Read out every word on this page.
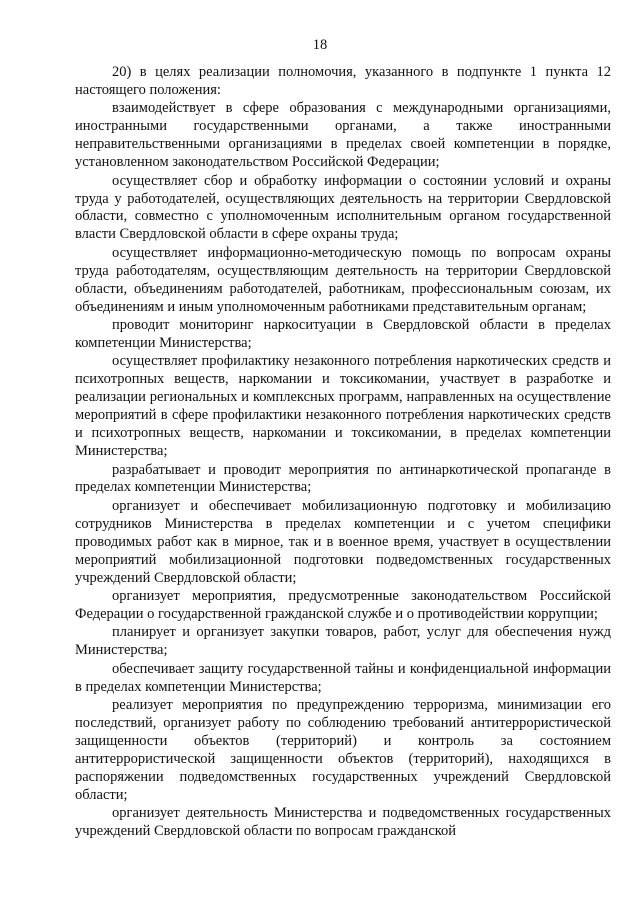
18

20) в целях реализации полномочия, указанного в подпункте 1 пункта 12 настоящего положения:

взаимодействует в сфере образования с международными организациями, иностранными государственными органами, а также иностранными неправительственными организациями в пределах своей компетенции в порядке, установленном законодательством Российской Федерации;

осуществляет сбор и обработку информации о состоянии условий и охраны труда у работодателей, осуществляющих деятельность на территории Свердловской области, совместно с уполномоченным исполнительным органом государственной власти Свердловской области в сфере охраны труда;

осуществляет информационно-методическую помощь по вопросам охраны труда работодателям, осуществляющим деятельность на территории Свердловской области, объединениям работодателей, работникам, профессиональным союзам, их объединениям и иным уполномоченным работниками представительным органам;

проводит мониторинг наркоситуации в Свердловской области в пределах компетенции Министерства;

осуществляет профилактику незаконного потребления наркотических средств и психотропных веществ, наркомании и токсикомании, участвует в разработке и реализации региональных и комплексных программ, направленных на осуществление мероприятий в сфере профилактики незаконного потребления наркотических средств и психотропных веществ, наркомании и токсикомании, в пределах компетенции Министерства;

разрабатывает и проводит мероприятия по антинаркотической пропаганде в пределах компетенции Министерства;

организует и обеспечивает мобилизационную подготовку и мобилизацию сотрудников Министерства в пределах компетенции и с учетом специфики проводимых работ как в мирное, так и в военное время, участвует в осуществлении мероприятий мобилизационной подготовки подведомственных государственных учреждений Свердловской области;

организует мероприятия, предусмотренные законодательством Российской Федерации о государственной гражданской службе и о противодействии коррупции;

планирует и организует закупки товаров, работ, услуг для обеспечения нужд Министерства;

обеспечивает защиту государственной тайны и конфиденциальной информации в пределах компетенции Министерства;

реализует мероприятия по предупреждению терроризма, минимизации его последствий, организует работу по соблюдению требований антитеррористической защищенности объектов (территорий) и контроль за состоянием антитеррористической защищенности объектов (территорий), находящихся в распоряжении подведомственных государственных учреждений Свердловской области;

организует деятельность Министерства и подведомственных государственных учреждений Свердловской области по вопросам гражданской
